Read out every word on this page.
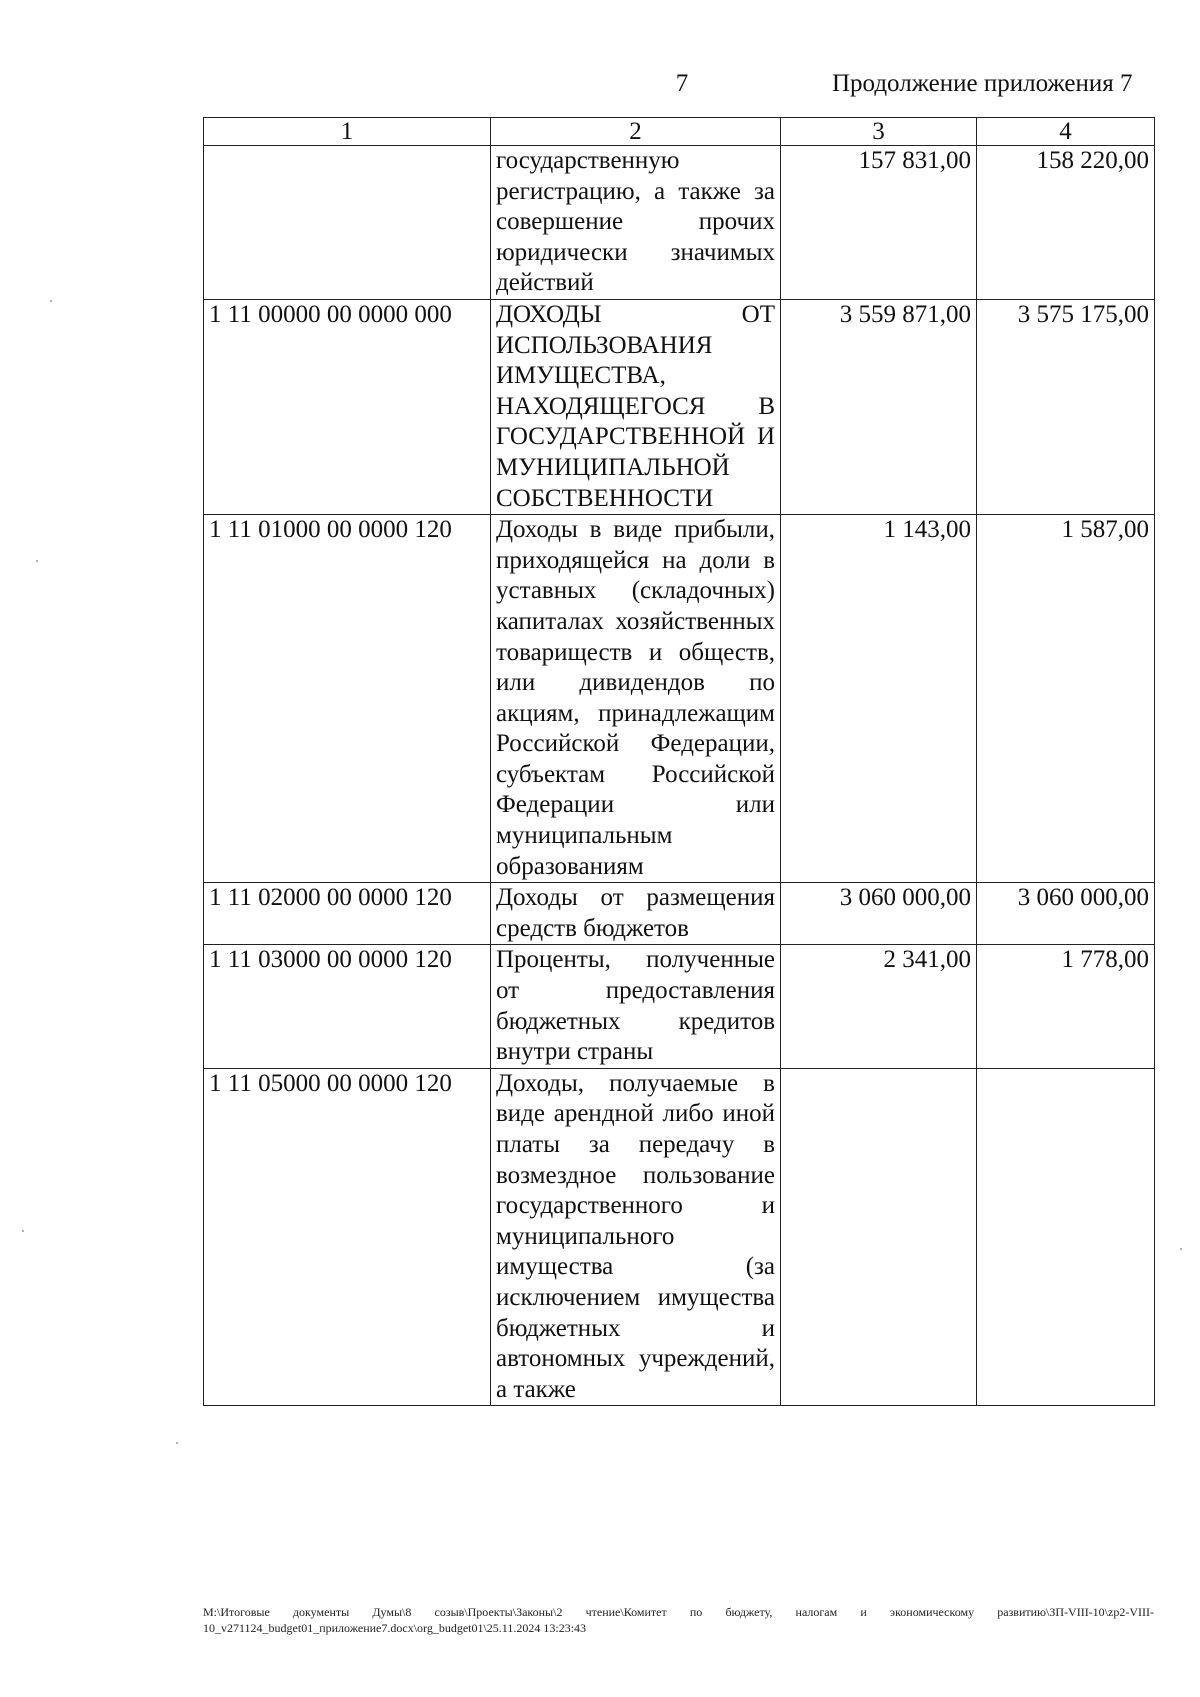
7	Продолжение приложения 7
1	2	3	4
	государственную регистрацию, а также за совершение прочих юридически значимых действий	157 831,00	158 220,00
1 11 00000 00 0000 000	ДОХОДЫ ОТ ИСПОЛЬЗОВАНИЯ ИМУЩЕСТВА, НАХОДЯЩЕГОСЯ В ГОСУДАРСТВЕННОЙ И МУНИЦИПАЛЬНОЙ СОБСТВЕННОСТИ	3 559 871,00	3 575 175,00
1 11 01000 00 0000 120	Доходы в виде прибыли, приходящейся на доли в уставных (складочных) капиталах хозяйственных товариществ и обществ, или дивидендов по акциям, принадлежащим Российской Федерации, субъектам Российской Федерации или муниципальным образованиям	1 143,00	1 587,00
1 11 02000 00 0000 120	Доходы от размещения средств бюджетов	3 060 000,00	3 060 000,00
1 11 03000 00 0000 120	Проценты, полученные от предоставления бюджетных кредитов внутри страны	2 341,00	1 778,00
1 11 05000 00 0000 120	Доходы, получаемые в виде арендной либо иной платы за передачу в возмездное пользование государственного и муниципального имущества (за исключением имущества бюджетных и автономных учреждений, а также		
M:\Итоговые документы Думы\8 созыв\Проекты\Законы\2 чтение\Комитет по бюджету, налогам и экономическому развитию\ЗП-VIII-10\zp2-VIII-10_v271124_budget01_приложение7.docx\org_budget01\25.11.2024 13:23:43
